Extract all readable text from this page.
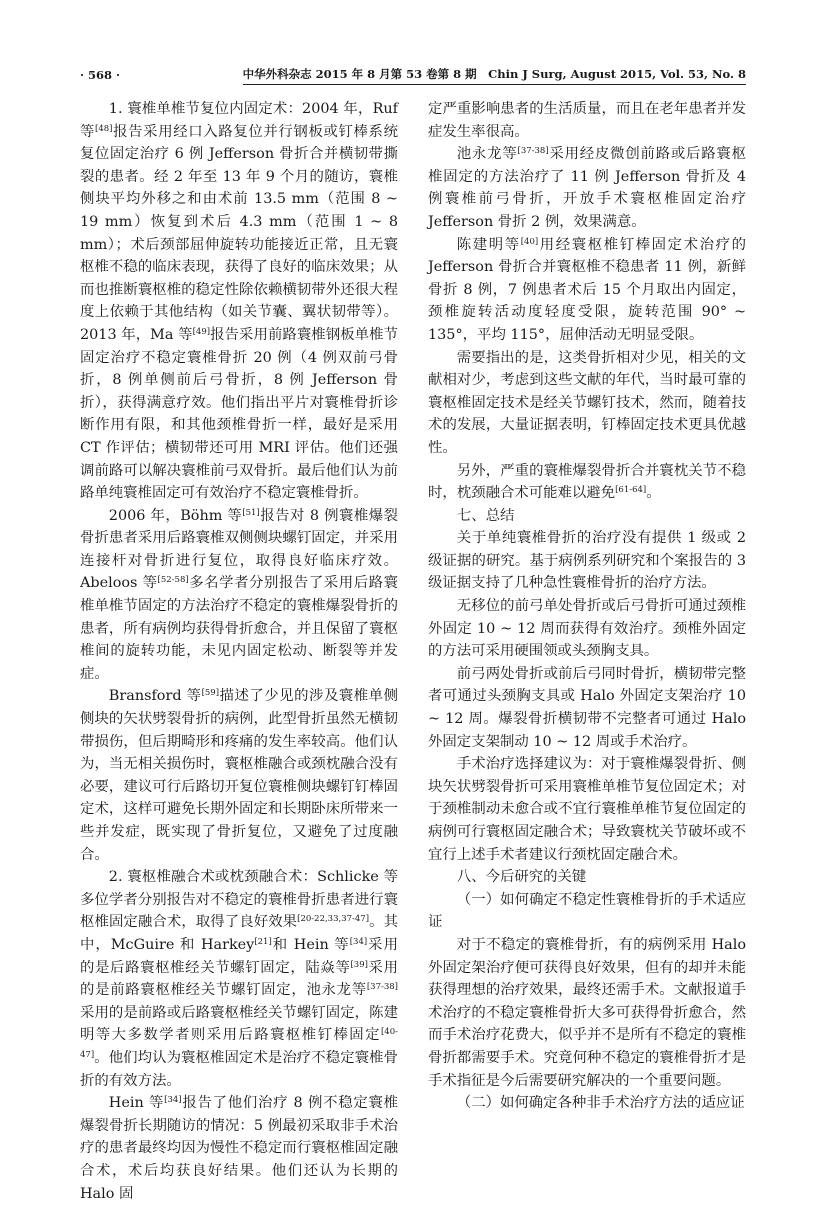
· 568 ·	中华外科杂志 2015 年 8 月第 53 卷第 8 期　Chin J Surg, August 2015, Vol. 53, No. 8

1. 寰椎单椎节复位内固定术：2004 年，Ruf 等[48]报告采用经口入路复位并行钢板或钉棒系统复位固定治疗 6 例 Jefferson 骨折合并横韧带撕裂的患者。经 2 年至 13 年 9 个月的随访，寰椎侧块平均外移之和由术前 13.5 mm（范围 8 ~ 19 mm）恢复到术后 4.3 mm（范围 1 ~ 8 mm）；术后颈部屈伸旋转功能接近正常，且无寰枢椎不稳的临床表现，获得了良好的临床效果；从而也推断寰枢椎的稳定性除依赖横韧带外还很大程度上依赖于其他结构（如关节囊、翼状韧带等）。2013 年，Ma 等[49]报告采用前路寰椎钢板单椎节固定治疗不稳定寰椎骨折 20 例（4 例双前弓骨折，8 例单侧前后弓骨折，8 例 Jefferson 骨折），获得满意疗效。他们指出平片对寰椎骨折诊断作用有限，和其他颈椎骨折一样，最好是采用 CT 作评估；横韧带还可用 MRI 评估。他们还强调前路可以解决寰椎前弓双骨折。最后他们认为前路单纯寰椎固定可有效治疗不稳定寰椎骨折。

2006 年，Böhm 等[51]报告对 8 例寰椎爆裂骨折患者采用后路寰椎双侧侧块螺钉固定，并采用连接杆对骨折进行复位，取得良好临床疗效。Abeloos 等[52-58]多名学者分别报告了采用后路寰椎单椎节固定的方法治疗不稳定的寰椎爆裂骨折的患者，所有病例均获得骨折愈合，并且保留了寰枢椎间的旋转功能，未见内固定松动、断裂等并发症。

Bransford 等[59]描述了少见的涉及寰椎单侧侧块的矢状劈裂骨折的病例，此型骨折虽然无横韧带损伤，但后期畸形和疼痛的发生率较高。他们认为，当无相关损伤时，寰枢椎融合或颈枕融合没有必要，建议可行后路切开复位寰椎侧块螺钉钉棒固定术，这样可避免长期外固定和长期卧床所带来一些并发症，既实现了骨折复位，又避免了过度融合。

2. 寰枢椎融合术或枕颈融合术：Schlicke 等多位学者分别报告对不稳定的寰椎骨折患者进行寰枢椎固定融合术，取得了良好效果[20-22,33,37-47]。其中，McGuire 和 Harkey[21]和 Hein 等[34]采用的是后路寰枢椎经关节螺钉固定，陆焱等[39]采用的是前路寰枢椎经关节螺钉固定，池永龙等[37-38]采用的是前路或后路寰枢椎经关节螺钉固定，陈建明等大多数学者则采用后路寰枢椎钉棒固定[40-47]。他们均认为寰枢椎固定术是治疗不稳定寰椎骨折的有效方法。

Hein 等[34]报告了他们治疗 8 例不稳定寰椎爆裂骨折长期随访的情况：5 例最初采取非手术治疗的患者最终均因为慢性不稳定而行寰枢椎固定融合术，术后均获良好结果。他们还认为长期的 Halo 固

定严重影响患者的生活质量，而且在老年患者并发症发生率很高。

池永龙等[37-38]采用经皮微创前路或后路寰枢椎固定的方法治疗了 11 例 Jefferson 骨折及 4 例寰椎前弓骨折，开放手术寰枢椎固定治疗 Jefferson 骨折 2 例，效果满意。

陈建明等[40]用经寰枢椎钉棒固定术治疗的 Jefferson 骨折合并寰枢椎不稳患者 11 例，新鲜骨折 8 例，7 例患者术后 15 个月取出内固定，颈椎旋转活动度轻度受限，旋转范围 90° ~ 135°，平均 115°，屈伸活动无明显受限。

需要指出的是，这类骨折相对少见，相关的文献相对少，考虑到这些文献的年代，当时最可靠的寰枢椎固定技术是经关节螺钉技术，然而，随着技术的发展，大量证据表明，钉棒固定技术更具优越性。

另外，严重的寰椎爆裂骨折合并寰枕关节不稳时，枕颈融合术可能难以避免[61-64]。

七、总结

关于单纯寰椎骨折的治疗没有提供 1 级或 2 级证据的研究。基于病例系列研究和个案报告的 3 级证据支持了几种急性寰椎骨折的治疗方法。

无移位的前弓单处骨折或后弓骨折可通过颈椎外固定 10 ~ 12 周而获得有效治疗。颈椎外固定的方法可采用硬围领或头颈胸支具。

前弓两处骨折或前后弓同时骨折，横韧带完整者可通过头颈胸支具或 Halo 外固定支架治疗 10 ~ 12 周。爆裂骨折横韧带不完整者可通过 Halo 外固定支架制动 10 ~ 12 周或手术治疗。

手术治疗选择建议为：对于寰椎爆裂骨折、侧块矢状劈裂骨折可采用寰椎单椎节复位固定术；对于颈椎制动未愈合或不宜行寰椎单椎节复位固定的病例可行寰枢固定融合术；导致寰枕关节破坏或不宜行上述手术者建议行颈枕固定融合术。

八、今后研究的关键

（一）如何确定不稳定性寰椎骨折的手术适应证

对于不稳定的寰椎骨折，有的病例采用 Halo 外固定架治疗便可获得良好效果，但有的却并未能获得理想的治疗效果，最终还需手术。文献报道手术治疗的不稳定寰椎骨折大多可获得骨折愈合，然而手术治疗花费大，似乎并不是所有不稳定的寰椎骨折都需要手术。究竟何种不稳定的寰椎骨折才是手术指征是今后需要研究解决的一个重要问题。

（二）如何确定各种非手术治疗方法的适应证
